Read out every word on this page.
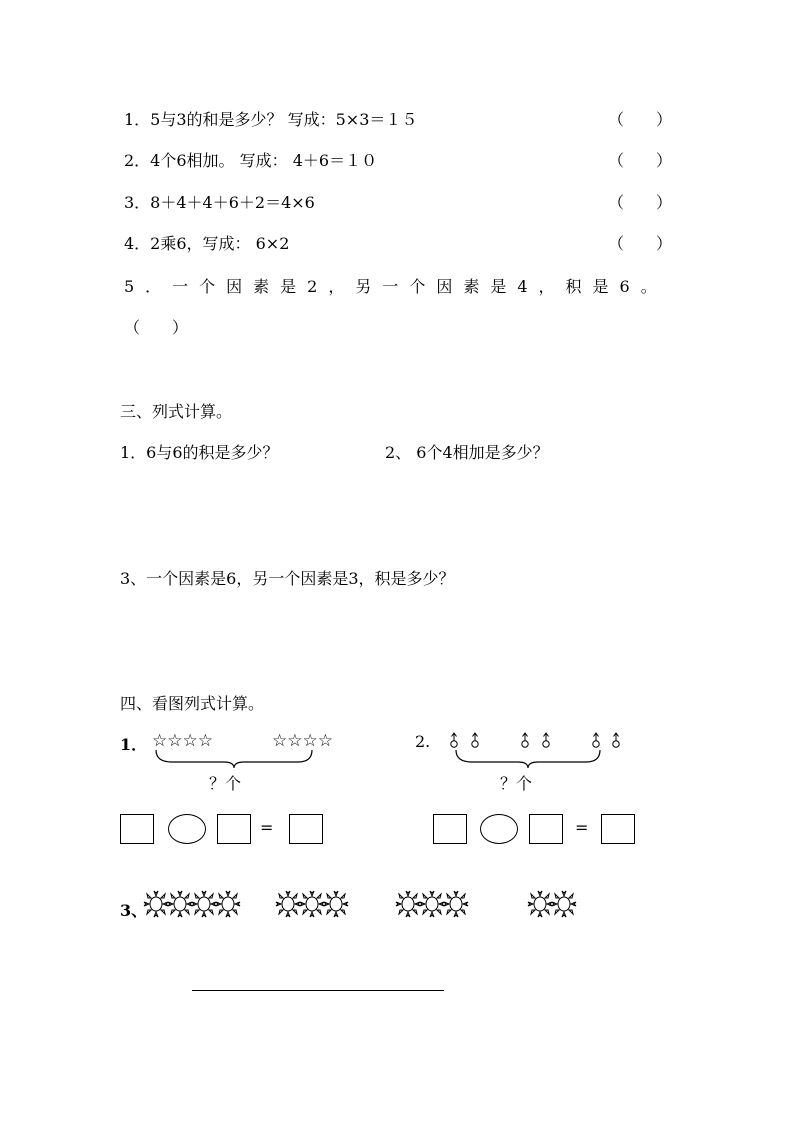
1．5与3的和是多少？ 写成：5×3＝１５	（　　）
2．4个6相加。 写成： 4＋6＝１０	（　　）
3．8＋4＋4＋6＋2＝4×6	（　　）
4．2乘6，写成： 6×2	（　　）
5．一个因素是2，另一个因素是4，积是6。
（　　）
三、列式计算。
1．6与6的积是多少？	2、 6个4相加是多少？
3、一个因素是6，另一个因素是3，积是多少？
四、看图列式计算。
1． ☆☆☆☆	☆☆☆☆
？个
=
2.
？个
=
3、
